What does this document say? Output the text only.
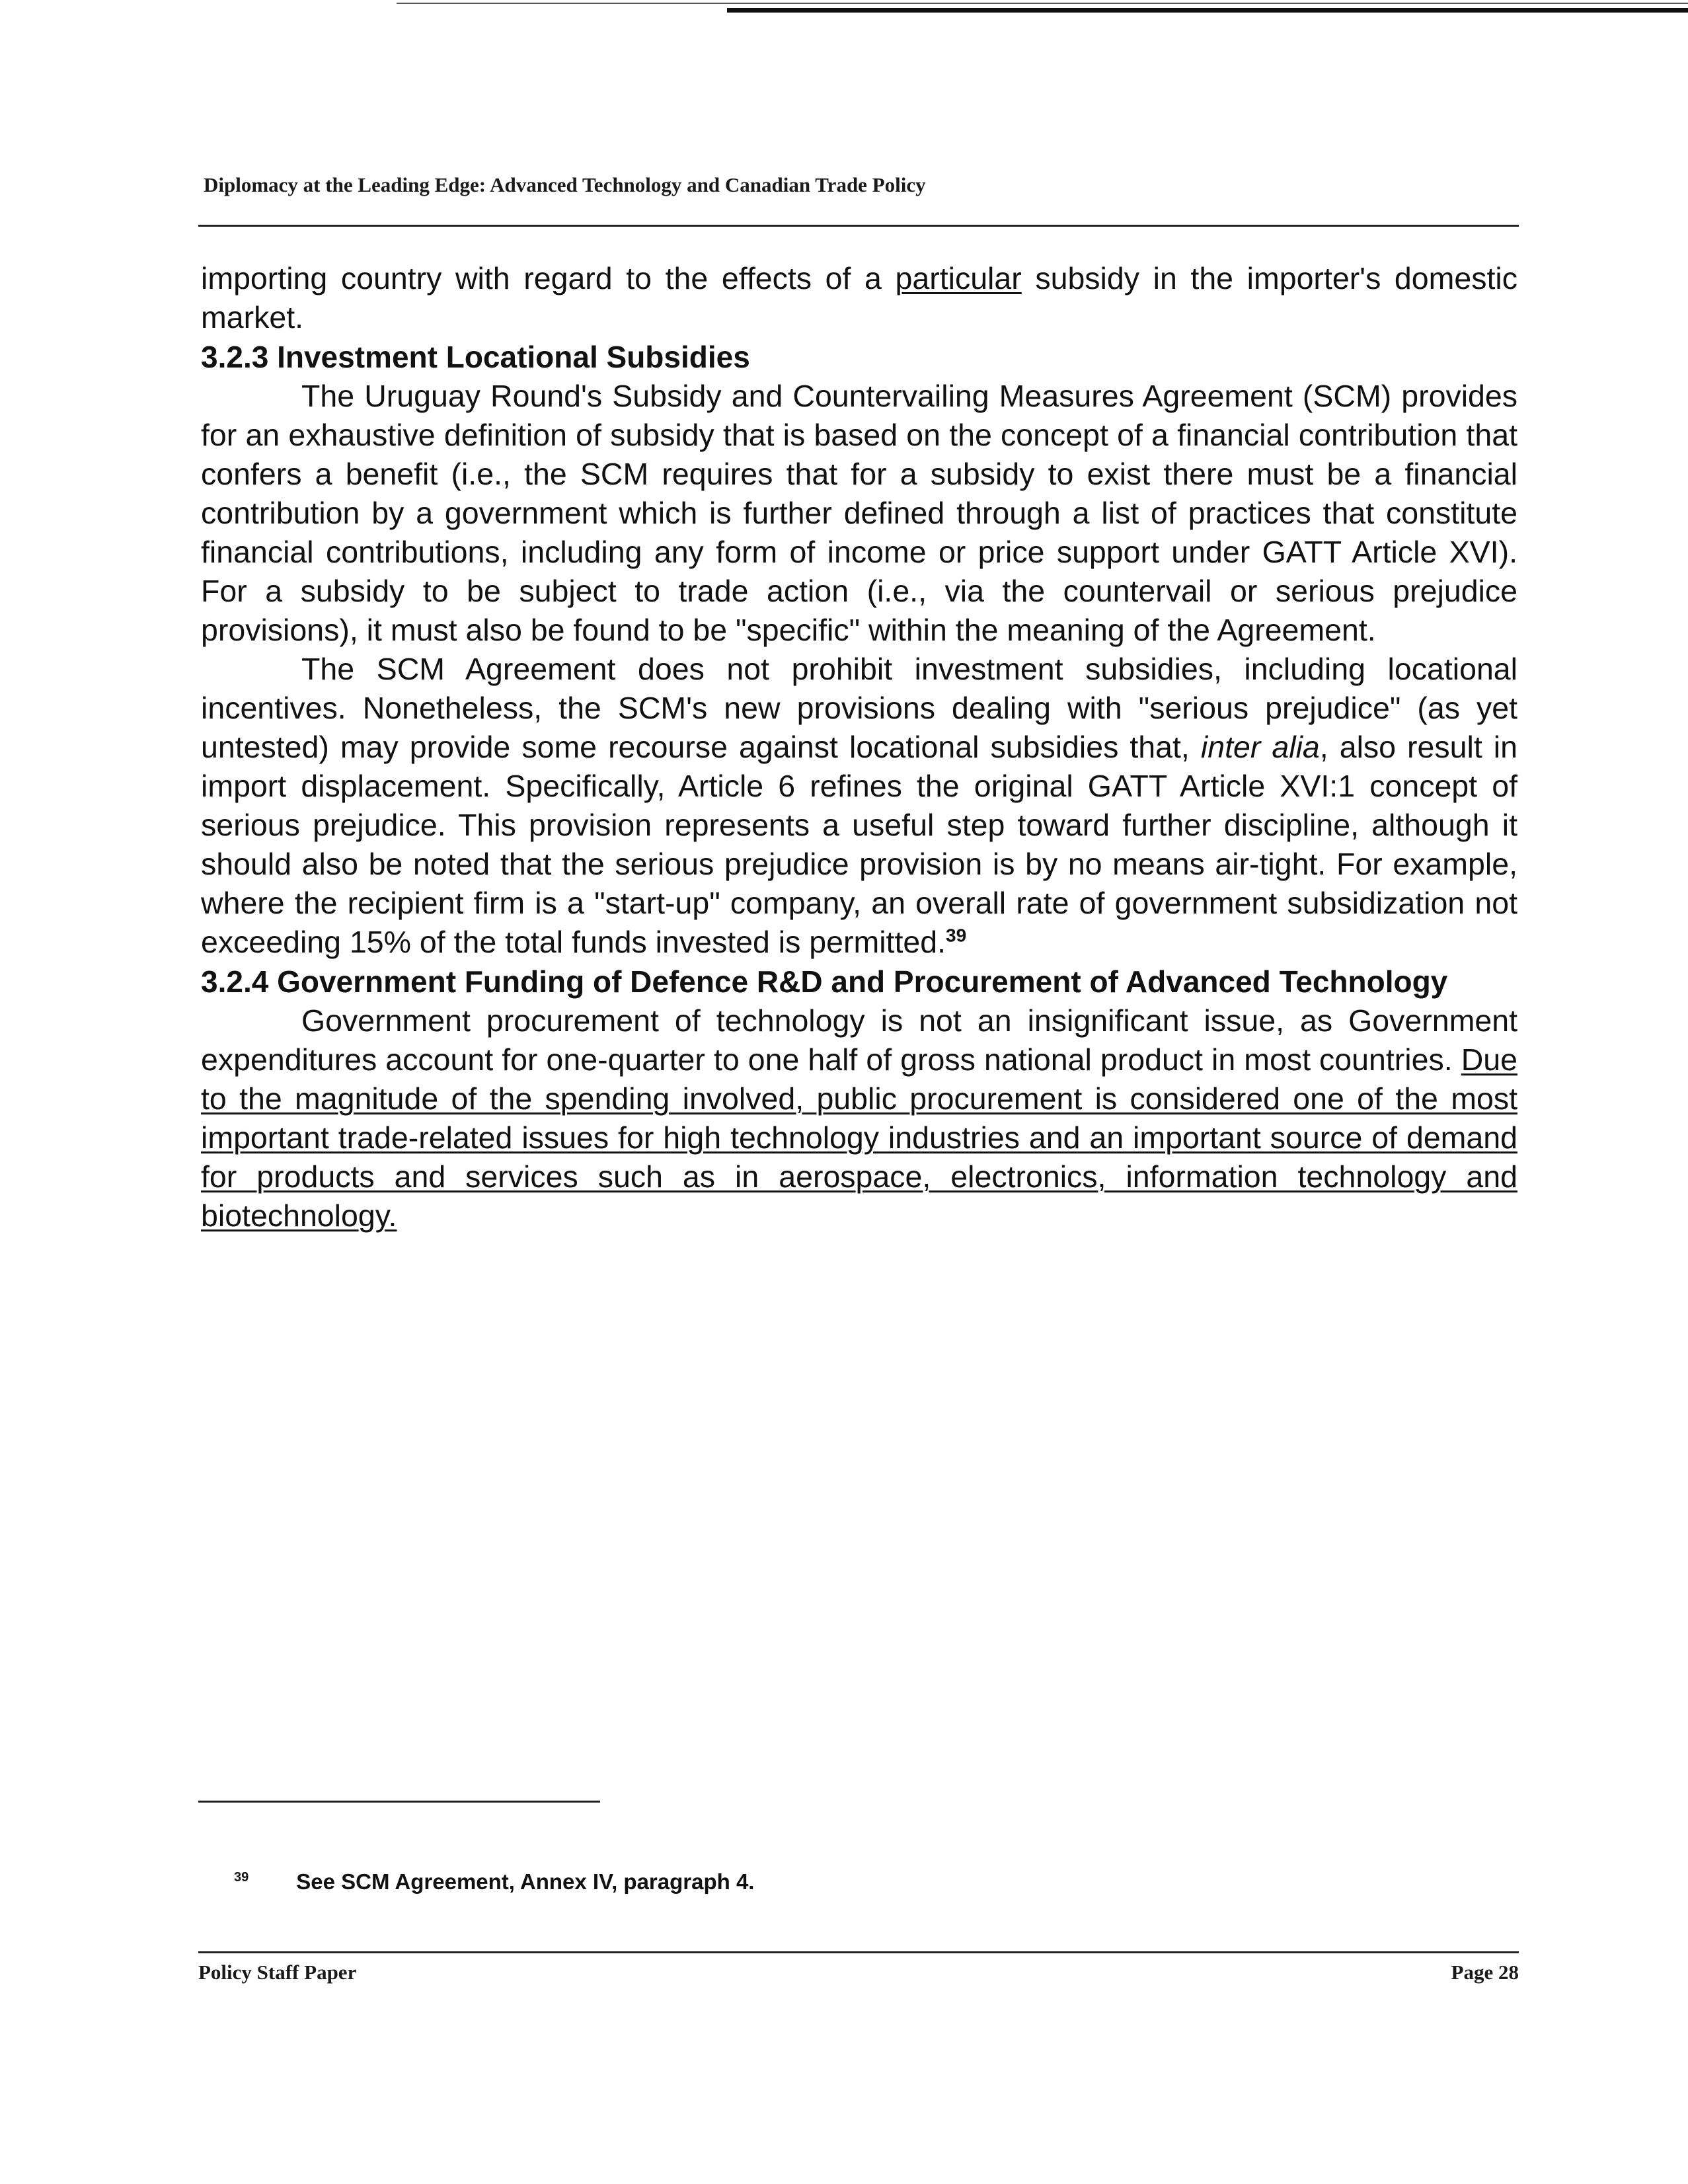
Diplomacy at the Leading Edge: Advanced Technology and Canadian Trade Policy

importing country with regard to the effects of a particular subsidy in the importer's domestic market.

3.2.3 Investment Locational Subsidies

The Uruguay Round's Subsidy and Countervailing Measures Agreement (SCM) provides for an exhaustive definition of subsidy that is based on the concept of a financial contribution that confers a benefit (i.e., the SCM requires that for a subsidy to exist there must be a financial contribution by a government which is further defined through a list of practices that constitute financial contributions, including any form of income or price support under GATT Article XVI). For a subsidy to be subject to trade action (i.e., via the countervail or serious prejudice provisions), it must also be found to be "specific" within the meaning of the Agreement.

The SCM Agreement does not prohibit investment subsidies, including locational incentives. Nonetheless, the SCM's new provisions dealing with "serious prejudice" (as yet untested) may provide some recourse against locational subsidies that, inter alia, also result in import displacement. Specifically, Article 6 refines the original GATT Article XVI:1 concept of serious prejudice. This provision represents a useful step toward further discipline, although it should also be noted that the serious prejudice provision is by no means air-tight. For example, where the recipient firm is a "start-up" company, an overall rate of government subsidization not exceeding 15% of the total funds invested is permitted.$^{39}$

3.2.4 Government Funding of Defence R&D and Procurement of Advanced Technology

Government procurement of technology is not an insignificant issue, as Government expenditures account for one-quarter to one half of gross national product in most countries. Due to the magnitude of the spending involved, public procurement is considered one of the most important trade-related issues for high technology industries and an important source of demand for products and services such as in aerospace, electronics, information technology and biotechnology.

$^{39}$ See SCM Agreement, Annex IV, paragraph 4.
Policy Staff Paper	Page 28
